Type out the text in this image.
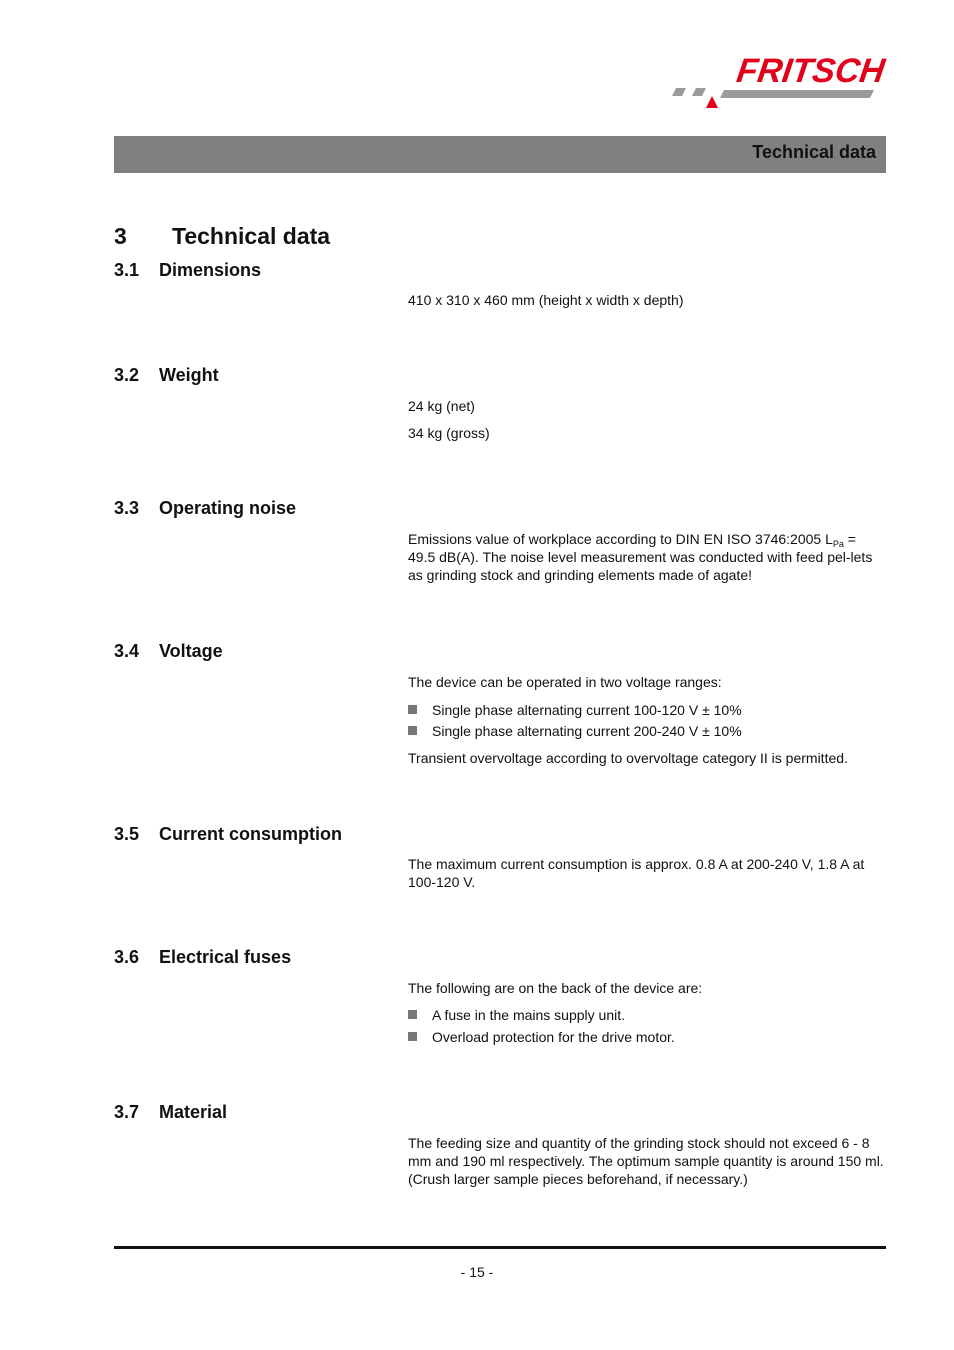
FRITSCH
Technical data
3 Technical data
3.1 Dimensions
410 x 310 x 460 mm (height x width x depth)
3.2 Weight
24 kg (net)
34 kg (gross)
3.3 Operating noise
Emissions value of workplace according to DIN EN ISO 3746:2005 $L_{Pa} = 49.5$ dB(A). The noise level measurement was conducted with feed pel-lets as grinding stock and grinding elements made of agate!
3.4 Voltage
The device can be operated in two voltage ranges:
Single phase alternating current 100-120 V ± 10%
Single phase alternating current 200-240 V ± 10%
Transient overvoltage according to overvoltage category II is permitted.
3.5 Current consumption
The maximum current consumption is approx. 0.8 A at 200-240 V, 1.8 A at 100-120 V.
3.6 Electrical fuses
The following are on the back of the device are:
A fuse in the mains supply unit.
Overload protection for the drive motor.
3.7 Material
The feeding size and quantity of the grinding stock should not exceed 6 - 8 mm and 190 ml respectively. The optimum sample quantity is around 150 ml. (Crush larger sample pieces beforehand, if necessary.)
- 15 -
